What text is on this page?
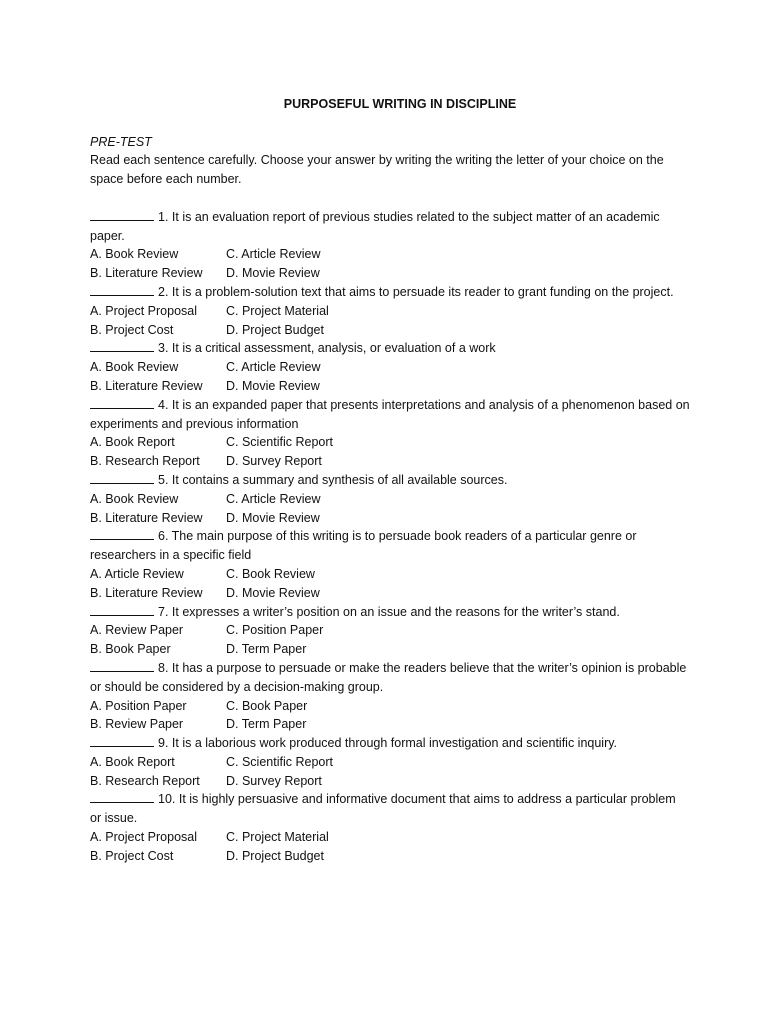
PURPOSEFUL WRITING IN DISCIPLINE
PRE-TEST
Read each sentence carefully. Choose your answer by writing the writing the letter of your choice on the space before each number.
1. It is an evaluation report of previous studies related to the subject matter of an academic paper.
A. Book Review	C. Article Review
B. Literature Review	D. Movie Review
2. It is a problem-solution text that aims to persuade its reader to grant funding on the project.
A. Project Proposal	C. Project Material
B. Project Cost	D. Project Budget
3. It is a critical assessment, analysis, or evaluation of a work
A. Book Review	C. Article Review
B. Literature Review	D. Movie Review
4. It is an expanded paper that presents interpretations and analysis of a phenomenon based on experiments and previous information
A. Book Report	C. Scientific Report
B. Research Report	D. Survey Report
5. It contains a summary and synthesis of all available sources.
A. Book Review	C. Article Review
B. Literature Review	D. Movie Review
6. The main purpose of this writing is to persuade book readers of a particular genre or researchers in a specific field
A. Article Review	C. Book Review
B. Literature Review	D. Movie Review
7. It expresses a writer’s position on an issue and the reasons for the writer’s stand.
A. Review Paper	C. Position Paper
B. Book Paper	D. Term Paper
8. It has a purpose to persuade or make the readers believe that the writer’s opinion is probable or should be considered by a decision-making group.
A. Position Paper	C. Book Paper
B. Review Paper	D. Term Paper
9. It is a laborious work produced through formal investigation and scientific inquiry.
A. Book Report	C. Scientific Report
B. Research Report	D. Survey Report
10. It is highly persuasive and informative document that aims to address a particular problem or issue.
A. Project Proposal	C. Project Material
B. Project Cost	D. Project Budget
